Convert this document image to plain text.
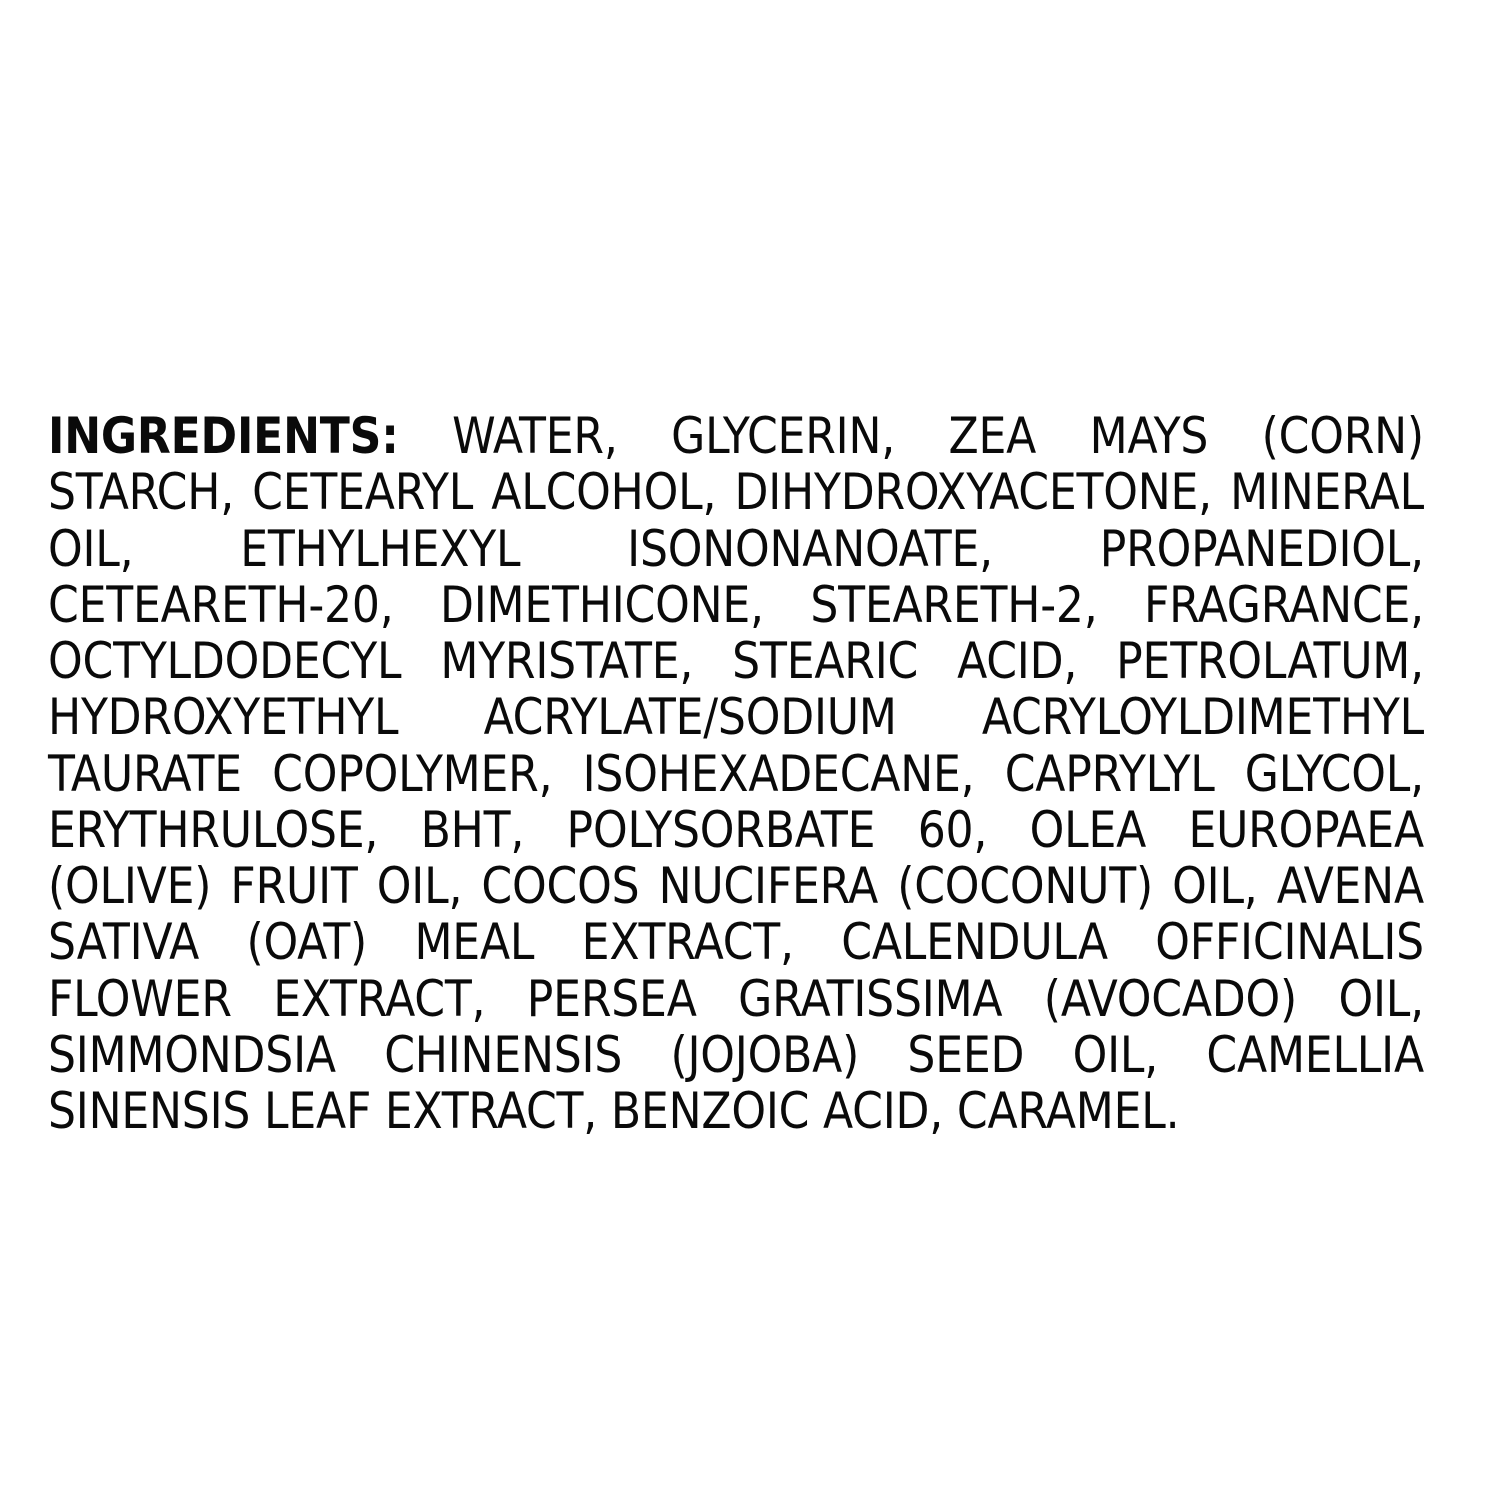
INGREDIENTS: WATER, GLYCERIN, ZEA MAYS (CORN) STARCH, CETEARYL ALCOHOL, DIHYDROXYACETONE, MINERAL OIL, ETHYLHEXYL ISONONANOATE, PROPANEDIOL, CETEARETH-20, DIMETHICONE, STEARETH-2, FRAGRANCE, OCTYLDODECYL MYRISTATE, STEARIC ACID, PETROLATUM, HYDROXYETHYL ACRYLATE/SODIUM ACRYLOYLDIMETHYL TAURATE COPOLYMER, ISOHEXADECANE, CAPRYLYL GLYCOL, ERYTHRULOSE, BHT, POLYSORBATE 60, OLEA EUROPAEA (OLIVE) FRUIT OIL, COCOS NUCIFERA (COCONUT) OIL, AVENA SATIVA (OAT) MEAL EXTRACT, CALENDULA OFFICINALIS FLOWER EXTRACT, PERSEA GRATISSIMA (AVOCADO) OIL, SIMMONDSIA CHINENSIS (JOJOBA) SEED OIL, CAMELLIA SINENSIS LEAF EXTRACT, BENZOIC ACID, CARAMEL.
